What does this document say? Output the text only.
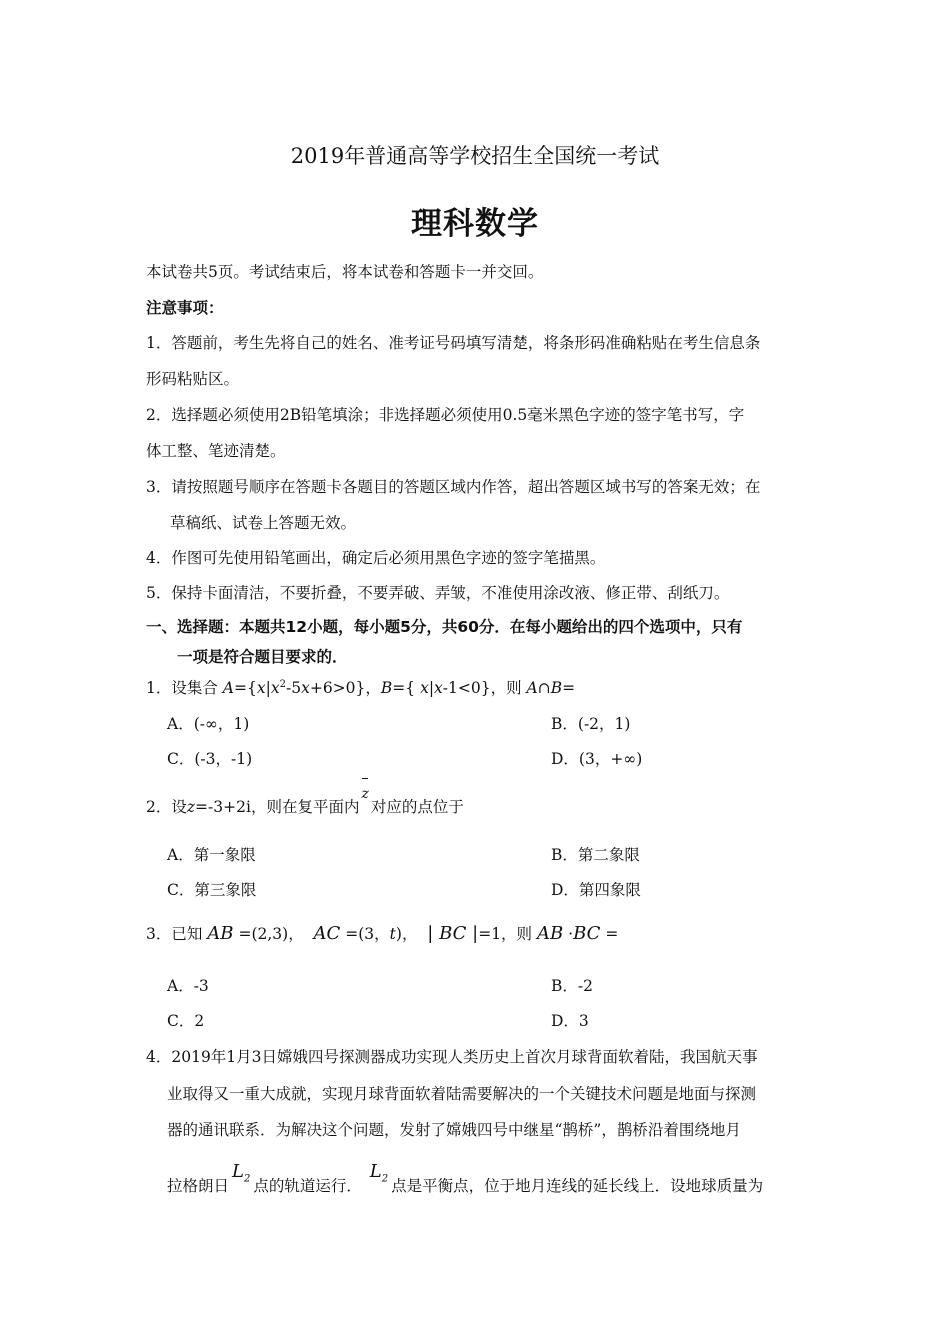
2019年普通高等学校招生全国统一考试
理科数学
本试卷共5页。考试结束后，将本试卷和答题卡一并交回。
注意事项：
1．答题前，考生先将自己的姓名、准考证号码填写清楚，将条形码准确粘贴在考生信息条
形码粘贴区。
2．选择题必须使用2B铅笔填涂；非选择题必须使用0.5毫米黑色字迹的签字笔书写，字
体工整、笔迹清楚。
3．请按照题号顺序在答题卡各题目的答题区域内作答，超出答题区域书写的答案无效；在
草稿纸、试卷上答题无效。
4．作图可先使用铅笔画出，确定后必须用黑色字迹的签字笔描黑。
5．保持卡面清洁，不要折叠，不要弄破、弄皱，不准使用涂改液、修正带、刮纸刀。
一、选择题：本题共12小题，每小题5分，共60分．在每小题给出的四个选项中，只有
一项是符合题目要求的．
1．设集合 $A=\{x|x^2-5x+6>0\}$，B={ x|x-1<0}，则 A∩B=
A．(-∞，1)	B．(-2，1)
C．(-3，-1)	D．(3，+∞)
2．设z=-3+2i，则在复平面内z对应的点位于
A．第一象限	B．第二象限
C．第三象限	D．第四象限
3．已知 AB =(2,3)，  AC =(3，t)，  | BC |=1，则 AB ·BC =
A．-3	B．-2
C．2	D．3
4．2019年1月3日嫦娥四号探测器成功实现人类历史上首次月球背面软着陆，我国航天事
业取得又一重大成就，实现月球背面软着陆需要解决的一个关键技术问题是地面与探测
器的通讯联系．为解决这个问题，发射了嫦娥四号中继星“鹊桥”，鹊桥沿着围绕地月
拉格朗日$L_2$ 点的轨道运行． $L_2$ 点是平衡点，位于地月连线的延长线上．设地球质量为
